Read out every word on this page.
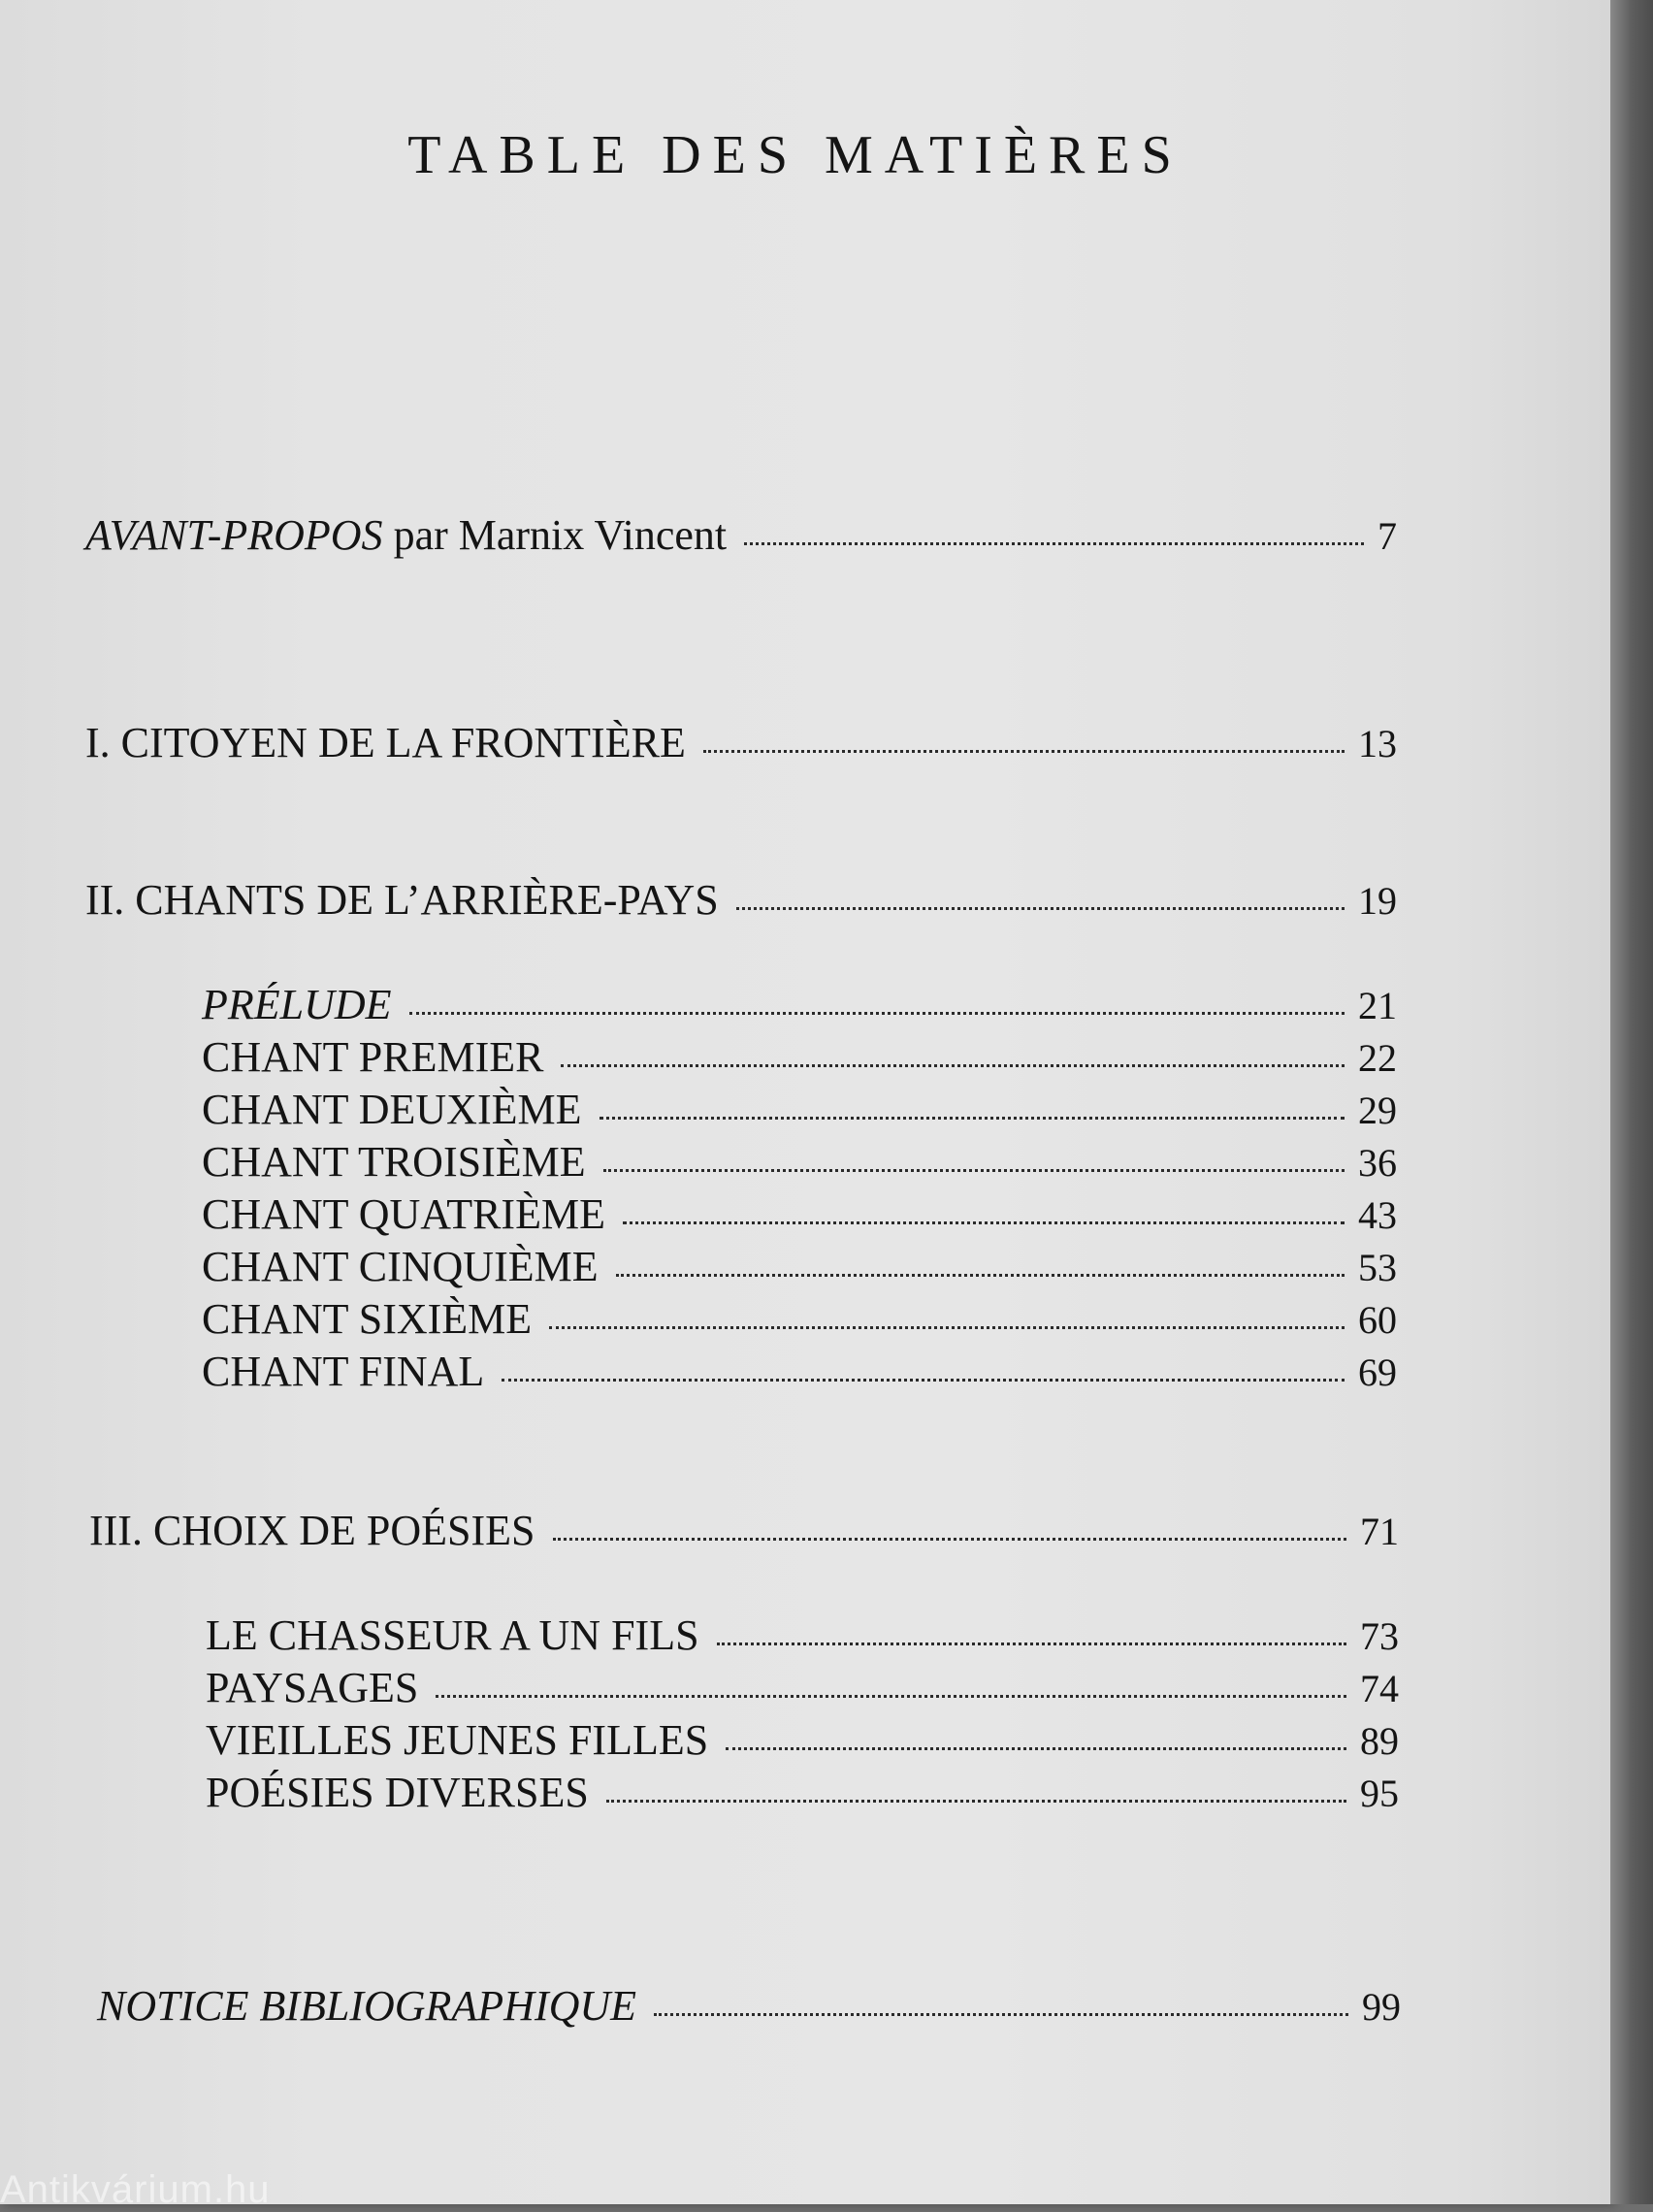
TABLE DES MATIÈRES
AVANT-PROPOS par Marnix Vincent	7
I. CITOYEN DE LA FRONTIÈRE	13
II. CHANTS DE L’ARRIÈRE-PAYS	19
PRÉLUDE	21
CHANT PREMIER	22
CHANT DEUXIÈME	29
CHANT TROISIÈME	36
CHANT QUATRIÈME	43
CHANT CINQUIÈME	53
CHANT SIXIÈME	60
CHANT FINAL	69
III. CHOIX DE POÉSIES	71
LE CHASSEUR A UN FILS	73
PAYSAGES	74
VIEILLES JEUNES FILLES	89
POÉSIES DIVERSES	95
NOTICE BIBLIOGRAPHIQUE	99
Antikvárium.hu
